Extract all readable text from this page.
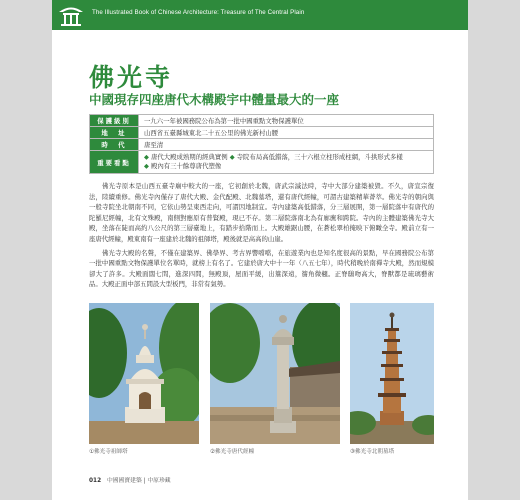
The Illustrated Book of Chinese Architecture: Treasure of The Central Plain
佛光寺
中國現存四座唐代木構殿宇中體量最大的一座
保護級別	一九六一年被國務院公布為第一批中國重點文物保護單位
地　址	山西省五臺縣城東北二十五公里的佛光新村山腰
時　代	唐至清
重要看點	◆ 唐代大殿成熟期的經典實例 ◆ 寺院布局高低錯落，三十六根立柱形成柱網，斗拱形式多樣
◆ 殿內有三十餘尊唐代塑像

佛光寺原本是山西五臺寺廟中較大的一座，它初創於北魏，唐武宗滅法時，寺中大部分建築被毀。不久，唐宣宗復法，陸續重修。佛光寺內僅存了唐代大殿、金代配殿、北魏墓塔，還有唐代經幢，可謂古建築精華薈萃。佛光寺的朝向與一般寺院坐北朝南不同，它依山勢呈東西走向，可謂因地制宜。寺內建築高低錯落，分三層展開，第一層院落中有唐代的陀羅尼經幢，北有文殊殿，南側對應原有普賢殿，現已不存。第二層院落南北為有廊廡和跨院。寺內的主體建築佛光寺大殿，坐落在陡而高約八公尺的第三層臺地上，有踏步拾階而上。大殿雄踞山腰，在蒼松翠柏掩映下俯瞰全寺。殿前立有一座唐代經幢，殿東南有一座建於北魏的祖師塔，殿後就是高高的山崖。

佛光寺大殿的名聲，不僅在建築界、佛學界、考古界響噹噹，在旅遊業內也是知名度很高的景點，早在國務院公布第一批中國重點文物保護單位名單時，就榜上有名了。它建於唐大中十一年（八五七年），時代稍晚於南禪寺大殿，然而規模卻大了許多。大殿面闊七間，進深四間，無殿頂，屋面平緩，出簷深遠，簷角微翹。正脊鴟吻高大，脊獸都是琉璃藝術品。大殿正面中部五間設大型板門，非常有氣勢。

①佛光寺祖師塔	②佛光寺唐代經幢	③佛光寺北朝墓塔
012 中國國寶建築 | 中原珍藏
